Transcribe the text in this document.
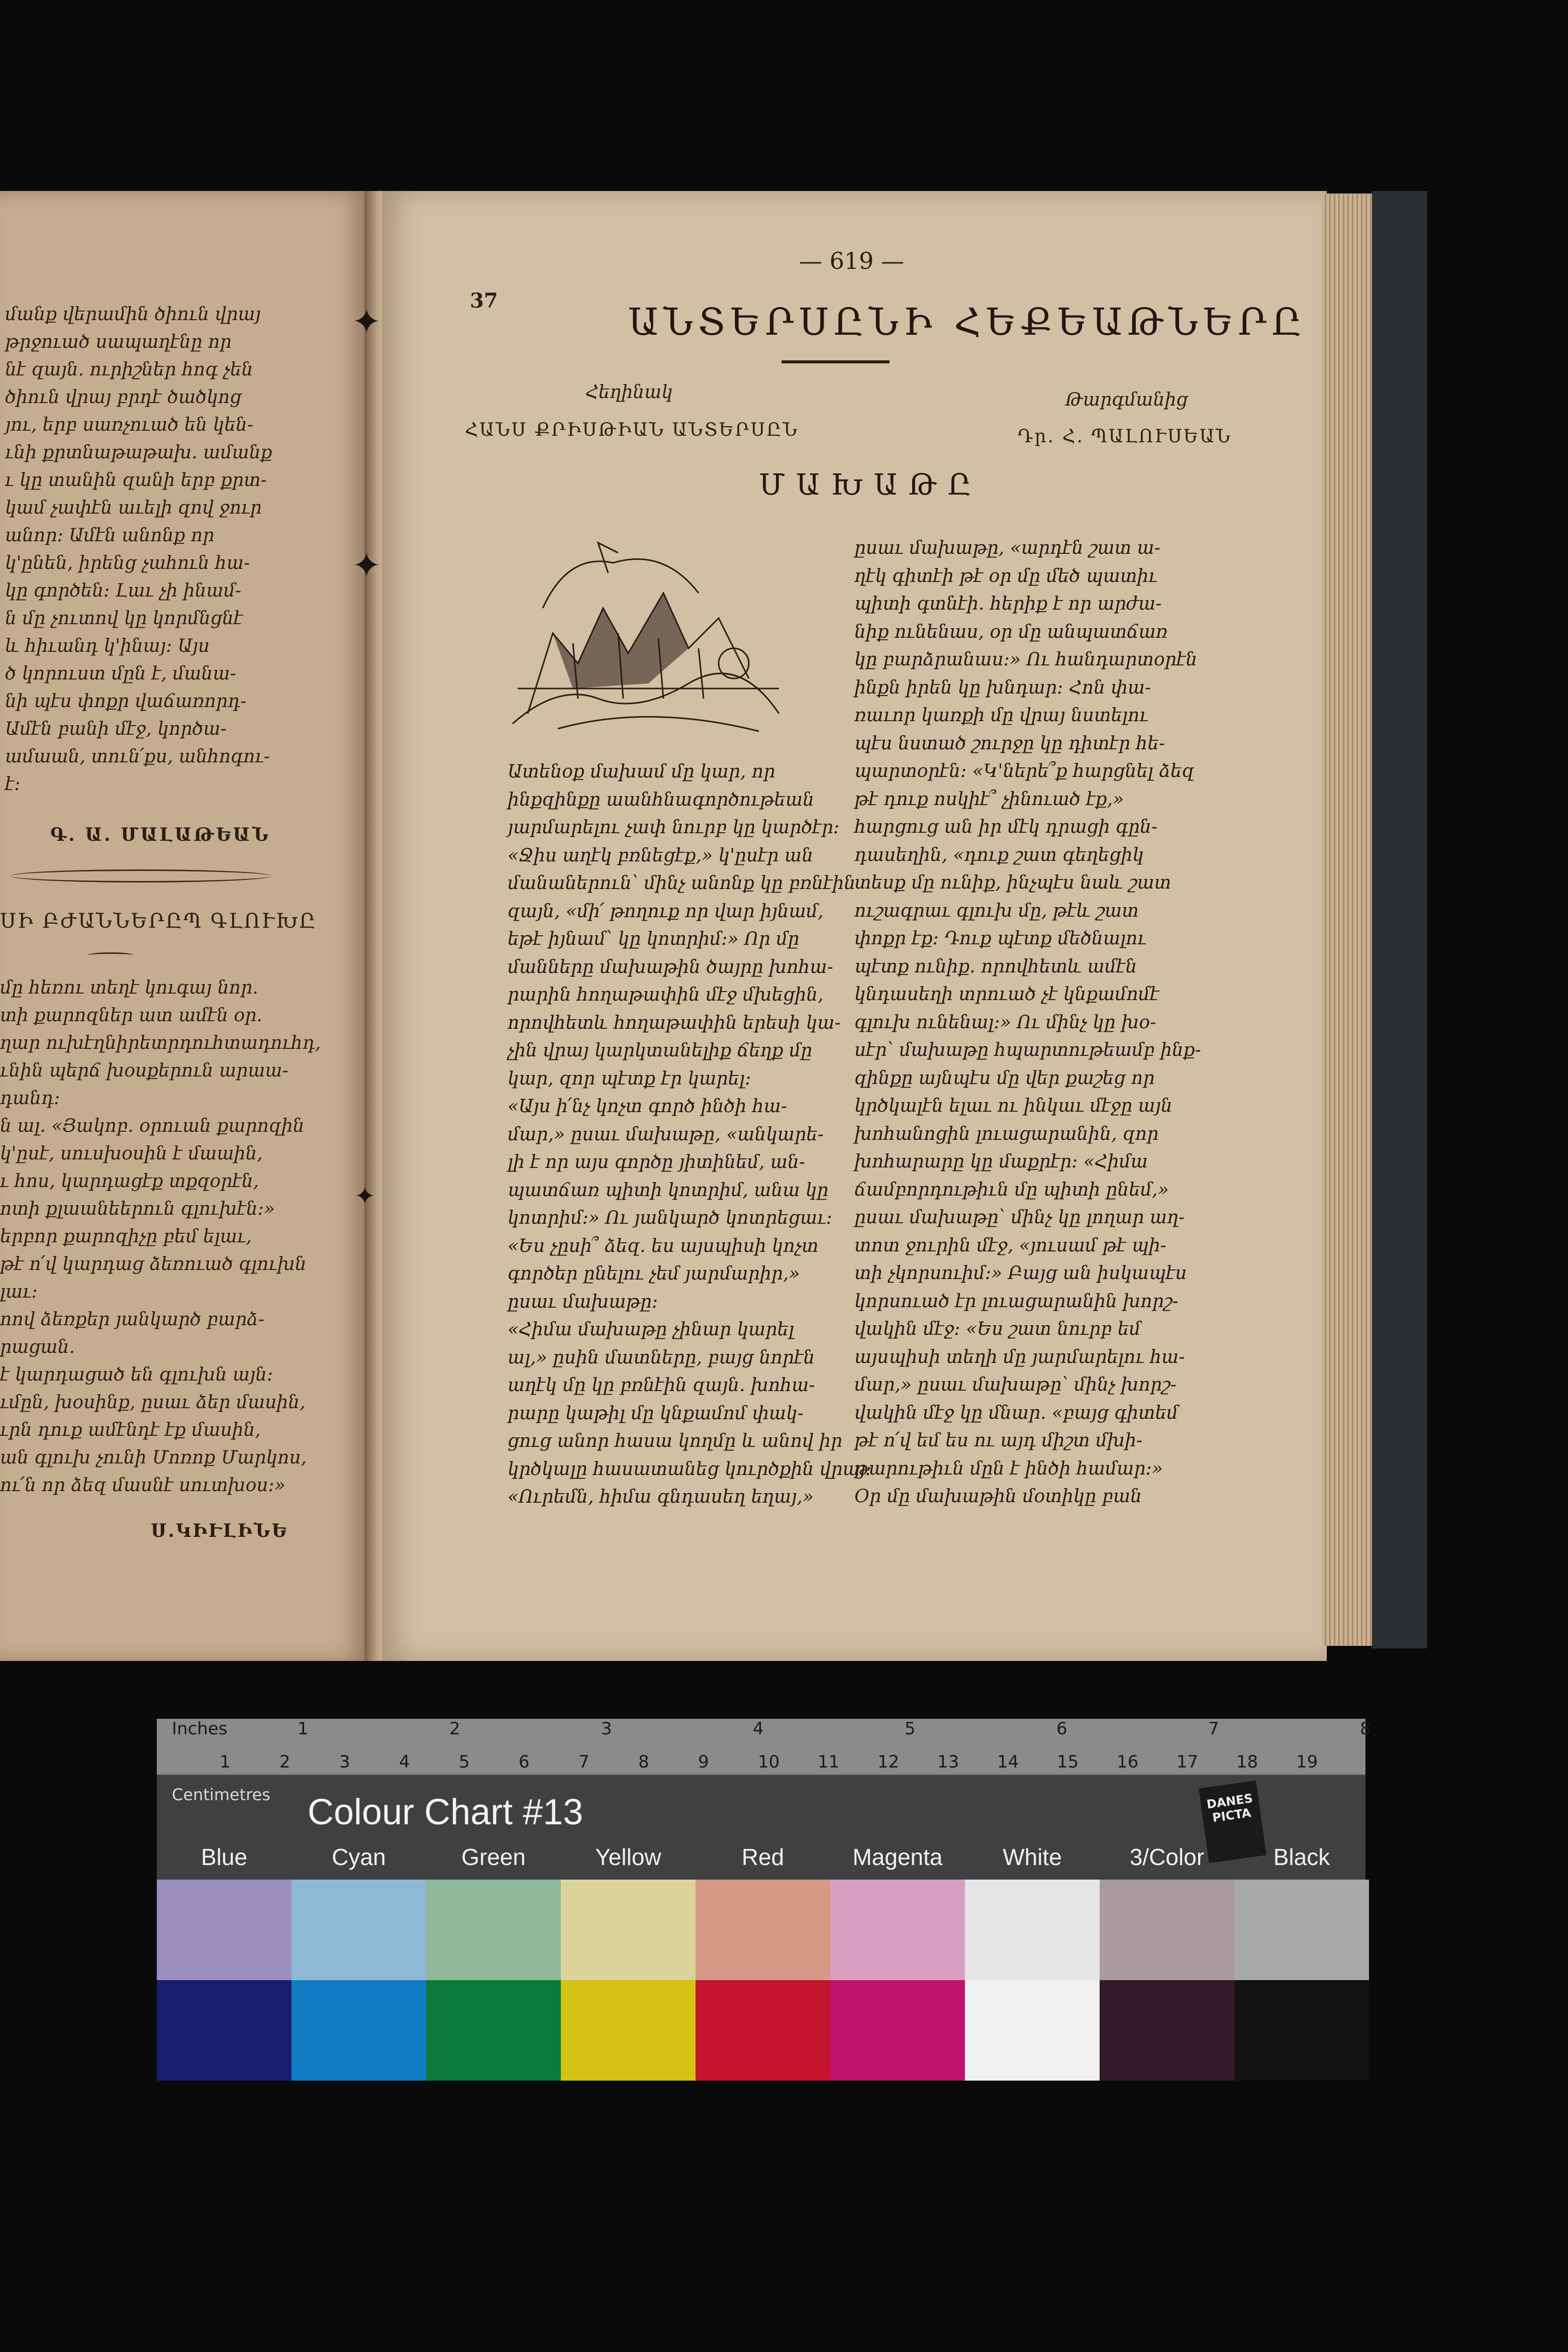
✦
✦
✦
մանք վերամին ծիուն վրայ
թրջուած սապաղէնը որ
նէ զայն. ուրիշներ հոգ չեն
ծիուն վրայ բրդէ ծածկոց
յու, երբ սառչուած են կեն-
ւնի քրտնաթաթախ. ամանք
ւ կը տանին զանի երբ քրտ-
կամ չափէն աւելի զով ջուր
անոր։ Ամէն անոնք որ
կ'ընեն, իրենց չահուն հա-
կը գործեն։ Լաւ չի ինամ-
ն մը չուտով կը կորմնցնէ
և հիւանդ կ'ինայ։ Այս
ծ կորուստ մըն է, մանա-
նի պէս փոքր վաճառորդ-
Ամէն բանի մէջ, կործա-
ամաան, տուն՛քս, անհոգու-
է։
Գ. Ա. ՄԱԼԱԹԵԱՆ
ՍԻ ԲԺԱՆՆԵՐԸՊ ԳԼՈՒԽԸ
մը հեռու տեղէ կուգայ նոր.
տի քարոզներ ատ ամէն օր.
ղար ուխէղնիրետրդուհտադուհդ,
ւնին պերճ խօսքերուն արաա-
դանդ։
ն ալ. «Յակոբ. օրուան քարոզին
կ'ըսէ, սուսխօսին է մաաին,
ւ հոս, կարդացէք տքզօրէն,
ոտի քլաանեերուն գլուխէն։»
երբոր քարոզիչը բեմ ելաւ,
թէ ո՛վ կարդաց ձեռուած գլուխն
լաւ։
ոով ձեռքեր յանկարծ բարձ-
րացան.
է կարդացած են գլուխն այն։
ւմըն, խօսինք, ըսաւ ձեր մասին,
ւրն դուք ամէնդէ էք մասին,
ան գլուխ չունի Մոռոք Մարկոս,
ու՛ն որ ձեզ մասնէ սուտխօս։»
Ս.ԿԻՒԼԻՆԵ
— 619 —
37	ԱՆՏԵՐՍԸՆԻ ՀԵՔԵԱԹՆԵՐԸ
Հեղինակ
ՀԱՆՍ ՔՐԻՍԹԻԱՆ ԱՆՏԵՐՍԸՆ
Թարգմանից
Դր. Հ. ՊԱԼՈՒՍԵԱՆ
ՄԱԽԱԹԸ
Ատենօք մախամ մը կար, որ
ինքզինքը աանհնագործութեան
յարմարելու չափ նուրբ կը կարծէր։
«Ջիս աղէկ բռնեցէք,» կ'ըսէր ան
մանաներուն՝ մինչ անոնք կը բռնէին
զայն, «մի՛ թողուք որ վար իյնամ,
եթէ իյնամ՝ կը կոտրիմ։» Որ մը
մանները մախաթին ծայրը խոհա-
րարին հողաթափին մէջ մխեցին,
որովհետև հողաթափին երեսի կա-
չին վրայ կարկտանելիք ճեղք մը
կար, զոր պէտք էր կարել։
«Այս ի՛նչ կոչտ գործ ինծի հա-
մար,» ըսաւ մախաթը, «անկարե-
լի է որ այս գործը յիտինեմ, ան-
պատճառ պիտի կոտրիմ, անա կը
կոտրիմ։» Ու յանկարծ կոտրեցաւ։
«Ես չըսի՞ ձեզ. ես այսպիսի կոչտ
գործեր ընելու չեմ յարմարիր,»
ըսաւ մախաթը։
«Հիմա մախաթը չինար կարել
ալ,» ըսին մատները, բայց նորէն
աղէկ մը կը բռնէին զայն. խոհա-
րարը կաթիլ մը կնքամոմ փակ-
ցուց անոր հասա կողմը և անով իր
կրծկալը հասատանեց կուրծքին վրայ։
«Ուրեմն, հիմա գնդասեղ եղայ,»
ըսաւ մախաթը, «արդէն շատ ա-
ղէկ գիտէի թէ օր մը մեծ պատիւ
պիտի գտնէի. հերիք է որ արժա-
նիք ունենաս, օր մը անպատճառ
կը բարձրանաս։» Ու հանդարտօրէն
ինքն իրեն կը խնդար։ Հոն փա-
ռաւոր կառքի մը վրայ նստելու
պէս նստած շուրջը կը դիտէր հե-
պարտօրէն։ «Կ'ներե՞ք հարցնել ձեզ
թէ դուք ոսկիէ՞ չինուած էք,»
հարցուց ան իր մէկ դրացի գըն-
դասեղին, «դուք շատ գեղեցիկ
տեսք մը ունիք, ինչպէս նաև շատ
ուշագրաւ գլուխ մը, թէև շատ
փոքր էք։ Դուք պէտք մեծնալու
պէտք ունիք. որովհետև ամէն
կնդասեղի տրուած չէ կնքամոմէ
գլուխ ունենալ։» Ու մինչ կը խօ-
սէր՝ մախաթը հպարտութեամբ ինք-
զինքը այնպէս մը վեր քաշեց որ
կրծկալէն ելաւ ու ինկաւ մէջը այն
խոհանոցին լուացարանին, զոր
խոհարարը կը մաքրէր։ «Հիմա
ճամբորդութիւն մը պիտի ընեմ,»
ըսաւ մախաթը՝ մինչ կը լողար աղ-
տոտ ջուրին մէջ, «յուսամ թէ պի-
տի չկորսուիմ։» Բայց ան իսկապէս
կորսուած էր լուացարանին խորշ-
վակին մէջ։ «Ես շատ նուրբ եմ
այսպիսի տեղի մը յարմարելու հա-
մար,» ըսաւ մախաթը՝ մինչ խորշ-
վակին մէջ կը մնար. «բայց գիտեմ
թէ ո՛վ եմ ես ու այդ միշտ մխի-
թարութիւն մըն է ինծի համար։»
Օր մը մախաթին մօտիկը բան
Inches
Centimetres
1	2	3	4	5	6	7	8
1	2	3	4	5	6	7	8	9	10 11 12 13 14 15 16 17 18 19
Colour Chart #13	DANES PICTA
Blue	Cyan	Green	Yellow	Red	Magenta	White	3/Color	Black
